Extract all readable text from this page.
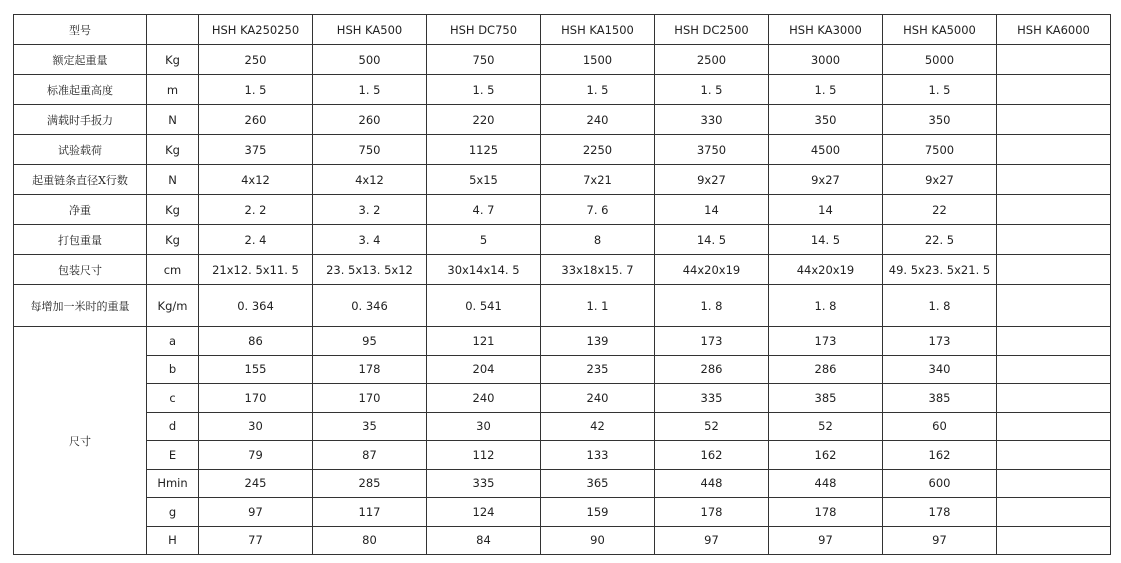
型号		HSH KA250250	HSH KA500	HSH DC750	HSH KA1500	HSH DC2500	HSH KA3000	HSH KA5000	HSH KA6000
额定起重量	Kg	250	500	750	1500	2500	3000	5000	
标准起重高度	m	1. 5	1. 5	1. 5	1. 5	1. 5	1. 5	1. 5	
满载时手扳力	N	260	260	220	240	330	350	350	
试验载荷	Kg	375	750	1125	2250	3750	4500	7500	
起重链条直径X行数	N	4x12	4x12	5x15	7x21	9x27	9x27	9x27	
净重	Kg	2. 2	3. 2	4. 7	7. 6	14	14	22	
打包重量	Kg	2. 4	3. 4	5	8	14. 5	14. 5	22. 5	
包装尺寸	cm	21x12. 5x11. 5	23. 5x13. 5x12	30x14x14. 5	33x18x15. 7	44x20x19	44x20x19	49. 5x23. 5x21. 5	
每增加一米时的重量	Kg/m	0. 364	0. 346	0. 541	1. 1	1. 8	1. 8	1. 8	
尺寸	a	86	95	121	139	173	173	173	
	b	155	178	204	235	286	286	340	
	c	170	170	240	240	335	385	385	
	d	30	35	30	42	52	52	60	
	E	79	87	112	133	162	162	162	
	Hmin	245	285	335	365	448	448	600	
	g	97	117	124	159	178	178	178	
	H	77	80	84	90	97	97	97	
